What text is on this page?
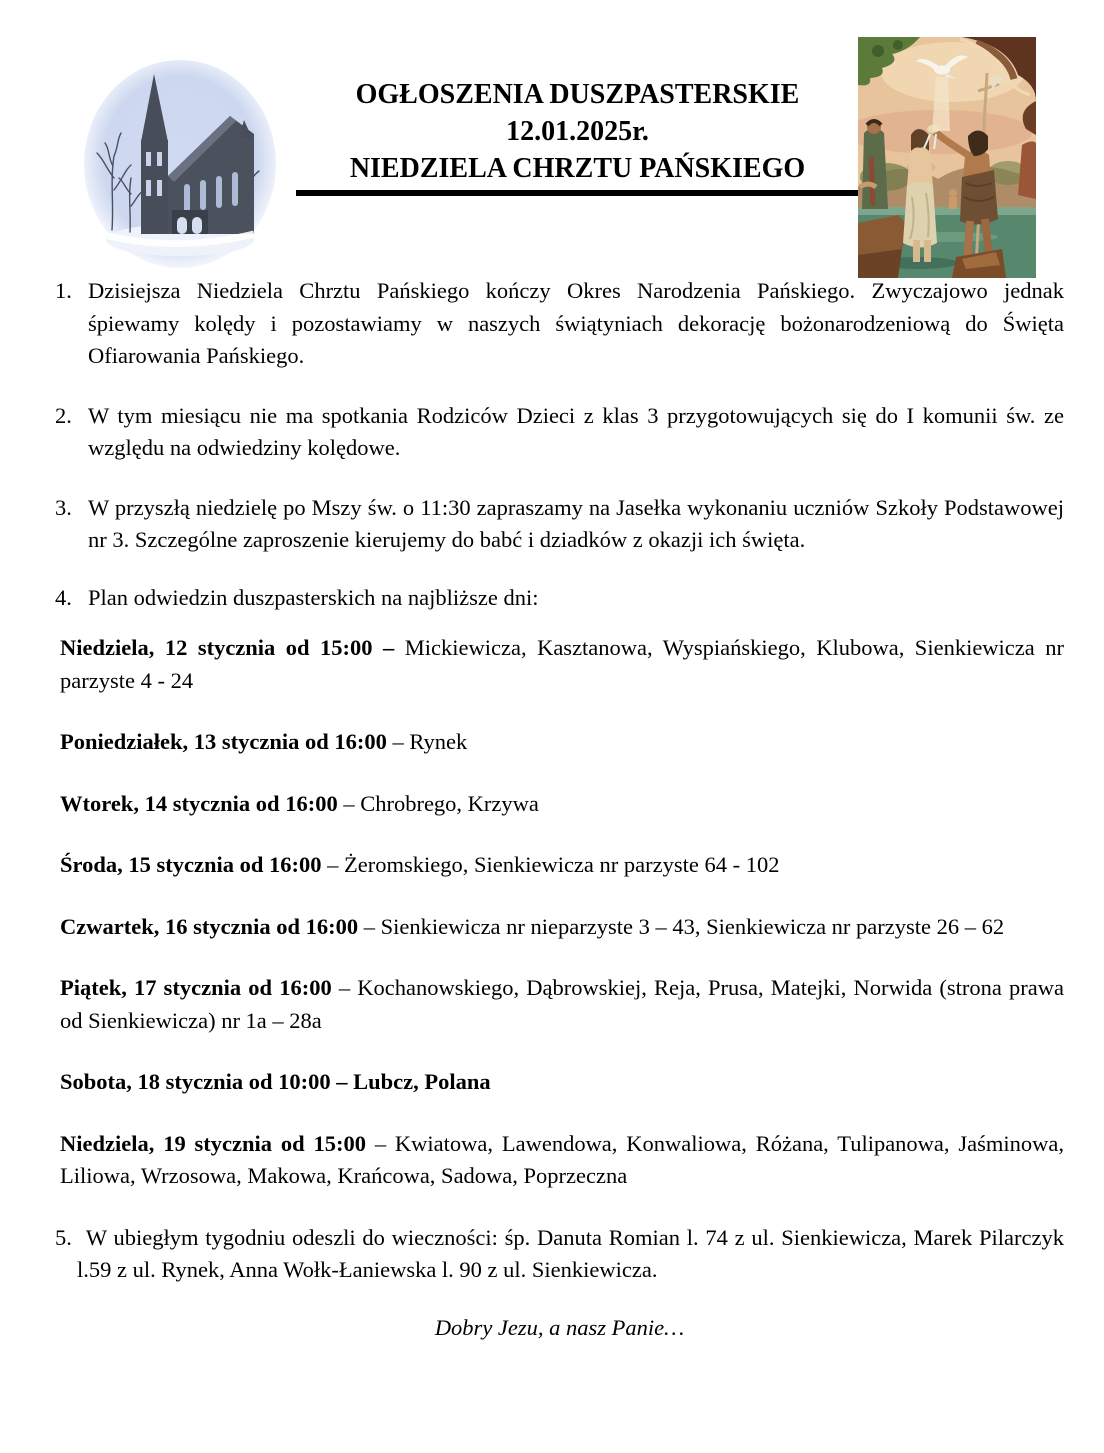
OGŁOSZENIA DUSZPASTERSKIE
12.01.2025r.
NIEDZIELA CHRZTU PAŃSKIEGO
1. Dzisiejsza Niedziela Chrztu Pańskiego kończy Okres Narodzenia Pańskiego. Zwyczajowo jednak śpiewamy kolędy i pozostawiamy w naszych świątyniach dekorację bożonarodzeniową do Święta Ofiarowania Pańskiego.
2. W tym miesiącu nie ma spotkania Rodziców Dzieci z klas 3 przygotowujących się do I komunii św. ze względu na odwiedziny kolędowe.
3. W przyszłą niedzielę po Mszy św. o 11:30 zapraszamy na Jasełka wykonaniu uczniów Szkoły Podstawowej nr 3. Szczególne zaproszenie kierujemy do babć i dziadków z okazji ich święta.
4. Plan odwiedzin duszpasterskich na najbliższe dni:

Niedziela, 12 stycznia od 15:00 – Mickiewicza, Kasztanowa, Wyspiańskiego, Klubowa, Sienkiewicza nr parzyste 4 - 24

Poniedziałek, 13 stycznia od 16:00 – Rynek

Wtorek, 14 stycznia od 16:00 – Chrobrego, Krzywa

Środa, 15 stycznia od 16:00 – Żeromskiego, Sienkiewicza nr parzyste 64 - 102

Czwartek, 16 stycznia od 16:00 – Sienkiewicza nr nieparzyste 3 – 43, Sienkiewicza nr parzyste 26 – 62

Piątek, 17 stycznia od 16:00 – Kochanowskiego, Dąbrowskiej, Reja, Prusa, Matejki, Norwida (strona prawa od Sienkiewicza) nr 1a – 28a

Sobota, 18 stycznia od 10:00 – Lubcz, Polana

Niedziela, 19 stycznia od 15:00 – Kwiatowa, Lawendowa, Konwaliowa, Różana, Tulipanowa, Jaśminowa, Liliowa, Wrzosowa, Makowa, Krańcowa, Sadowa, Poprzeczna

5. W ubiegłym tygodniu odeszli do wieczności: śp. Danuta Romian l. 74 z ul. Sienkiewicza, Marek Pilarczyk l.59 z ul. Rynek, Anna Wołk-Łaniewska l. 90 z ul. Sienkiewicza.

Dobry Jezu, a nasz Panie…
